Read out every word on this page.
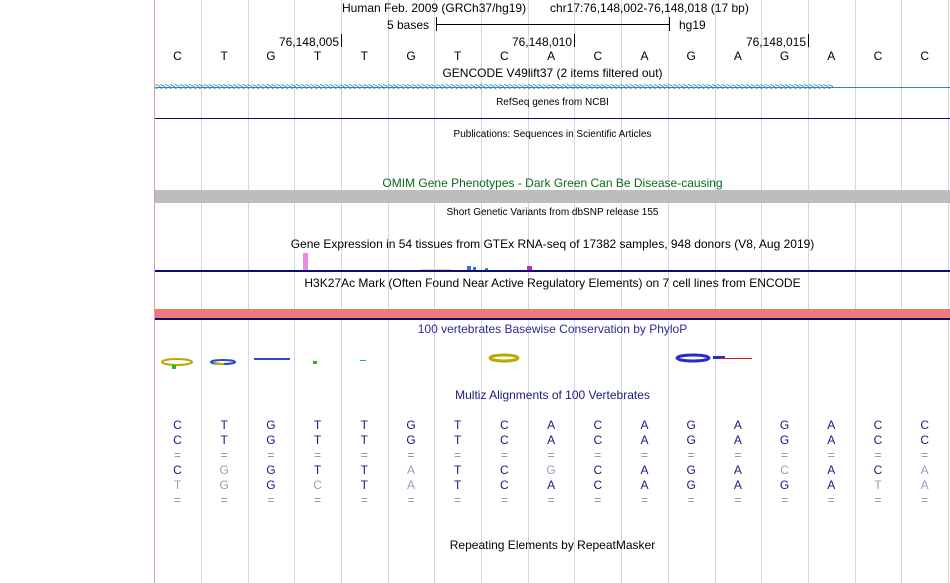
Human Feb. 2009 (GRCh37/hg19) chr17:76,148,002-76,148,018 (17 bp)
5 bases	hg19
76,148,005	76,148,010	76,148,015
C	T	G	T	T	G	T	C	A	C	A	G	A	G	A	C	C
GENCODE V49lift37 (2 items filtered out)
RefSeq genes from NCBI
Publications: Sequences in Scientific Articles
OMIM Gene Phenotypes - Dark Green Can Be Disease-causing
Short Genetic Variants from dbSNP release 155
Gene Expression in 54 tissues from GTEx RNA-seq of 17382 samples, 948 donors (V8, Aug 2019)
H3K27Ac Mark (Often Found Near Active Regulatory Elements) on 7 cell lines from ENCODE
100 vertebrates Basewise Conservation by PhyloP
Multiz Alignments of 100 Vertebrates
C	T	G	T	T	G	T	C	A	C	A	G	A	G	A	C	C
C	T	G	T	T	G	T	C	A	C	A	G	A	G	A	C	C
=	=	=	=	=	=	=	=	=	=	=	=	=	=	=	=	=
C	G	G	T	T	A	T	C	G	C	A	G	A	C	A	C	A
T	G	G	C	T	A	T	C	A	C	A	G	A	G	A	T	A
=	=	=	=	=	=	=	=	=	=	=	=	=	=	=	=	=
Repeating Elements by RepeatMasker
